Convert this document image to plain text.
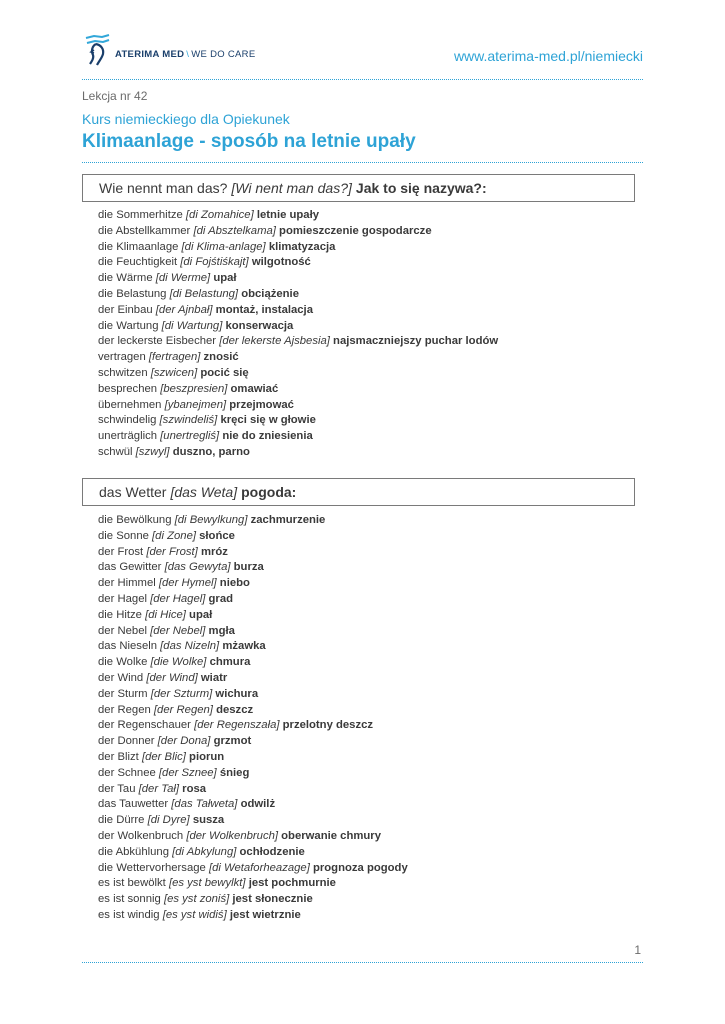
ATERIMA MED \ WE DO CARE	www.aterima-med.pl/niemiecki
Lekcja nr 42
Kurs niemieckiego dla Opiekunek
Klimaanlage - sposób na letnie upały
Wie nennt man das? [Wi nent man das?] Jak to się nazywa?:
die Sommerhitze [di Zomahice] letnie upały
die Abstellkammer [di Absztelkama] pomieszczenie gospodarcze
die Klimaanlage [di Klima-anlage] klimatyzacja
die Feuchtigkeit [di Fojśtiśkajt] wilgotność
die Wärme [di Werme] upał
die Belastung [di Belastung] obciążenie
der Einbau [der Ajnbał] montaż, instalacja
die Wartung [di Wartung] konserwacja
der leckerste Eisbecher [der lekerste Ajsbesia] najsmaczniejszy puchar lodów
vertragen [fertragen] znosić
schwitzen [szwicen] pocić się
besprechen [beszpresien] omawiać
übernehmen [ybanejmen] przejmować
schwindelig [szwindeliś] kręci się w głowie
unerträglich [unertregliś] nie do zniesienia
schwül [szwyl] duszno, parno
das Wetter [das Weta] pogoda:
die Bewölkung [di Bewylkung] zachmurzenie
die Sonne [di Zone] słońce
der Frost [der Frost] mróz
das Gewitter [das Gewyta] burza
der Himmel [der Hymel] niebo
der Hagel [der Hagel] grad
die Hitze [di Hice] upał
der Nebel [der Nebel] mgła
das Nieseln [das Nizeln] mżawka
die Wolke [die Wolke] chmura
der Wind [der Wind] wiatr
der Sturm [der Szturm] wichura
der Regen [der Regen] deszcz
der Regenschauer [der Regenszała] przelotny deszcz
der Donner [der Dona] grzmot
der Blizt [der Blic] piorun
der Schnee [der Sznee] śnieg
der Tau [der Tał] rosa
das Tauwetter [das Tałweta] odwilż
die Dürre [di Dyre] susza
der Wolkenbruch [der Wolkenbruch] oberwanie chmury
die Abkühlung [di Abkylung] ochłodzenie
die Wettervorhersage [di Wetaforheazage] prognoza pogody
es ist bewölkt [es yst bewylkt] jest pochmurnie
es ist sonnig [es yst zoniś] jest słonecznie
es ist windig [es yst widiś] jest wietrznie
1
